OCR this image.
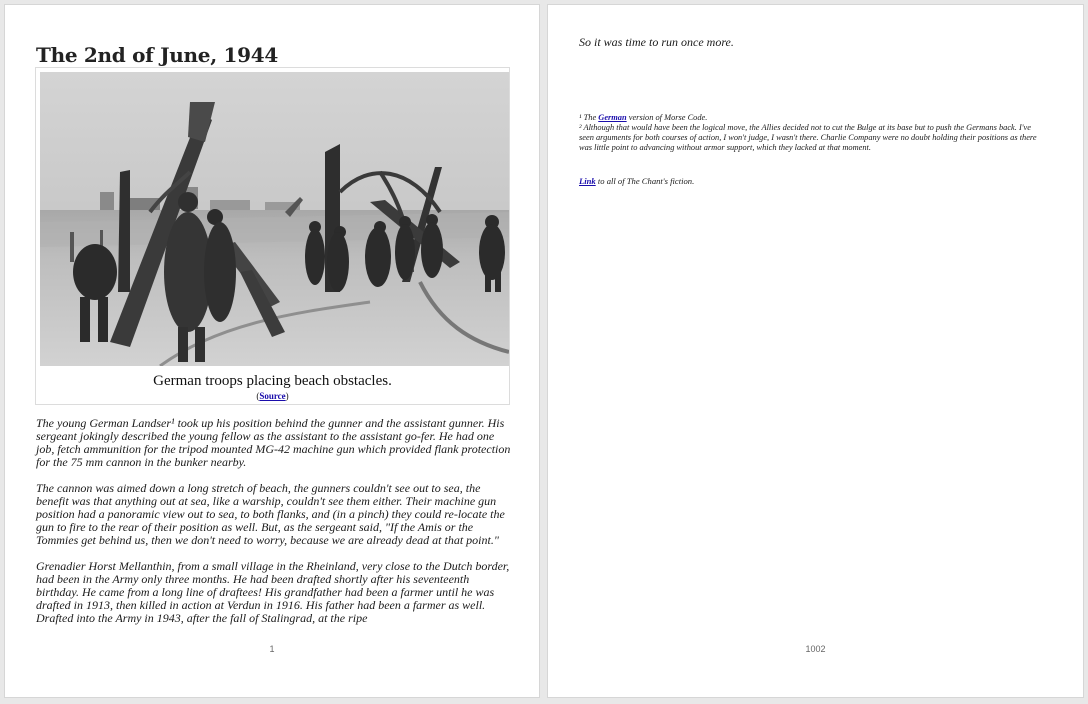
The 2nd of June, 1944
German troops placing beach obstacles.
(Source)

The young German Landser¹ took up his position behind the gunner and the assistant gunner. His sergeant jokingly described the young fellow as the assistant to the assistant go-fer. He had one job, fetch ammunition for the tripod mounted MG-42 machine gun which provided flank protection for the 75 mm cannon in the bunker nearby.

The cannon was aimed down a long stretch of beach, the gunners couldn't see out to sea, the benefit was that anything out at sea, like a warship, couldn't see them either. Their machine gun position had a panoramic view out to sea, to both flanks, and (in a pinch) they could re-locate the gun to fire to the rear of their position as well. But, as the sergeant said, "If the Amis or the Tommies get behind us, then we don't need to worry, because we are already dead at that point."

Grenadier Horst Mellanthin, from a small village in the Rheinland, very close to the Dutch border, had been in the Army only three months. He had been drafted shortly after his seventeenth birthday. He came from a long line of draftees! His grandfather had been a farmer until he was drafted in 1913, then killed in action at Verdun in 1916. His father had been a farmer as well. Drafted into the Army in 1943, after the fall of Stalingrad, at the ripe

1
So it was time to run once more.

¹ The German version of Morse Code.

² Although that would have been the logical move, the Allies decided not to cut the Bulge at its base but to push the Germans back. I've seen arguments for both courses of action, I won't judge, I wasn't there. Charlie Company were no doubt holding their positions as there was little point to advancing without armor support, which they lacked at that moment.

Link to all of The Chant's fiction.
1002
